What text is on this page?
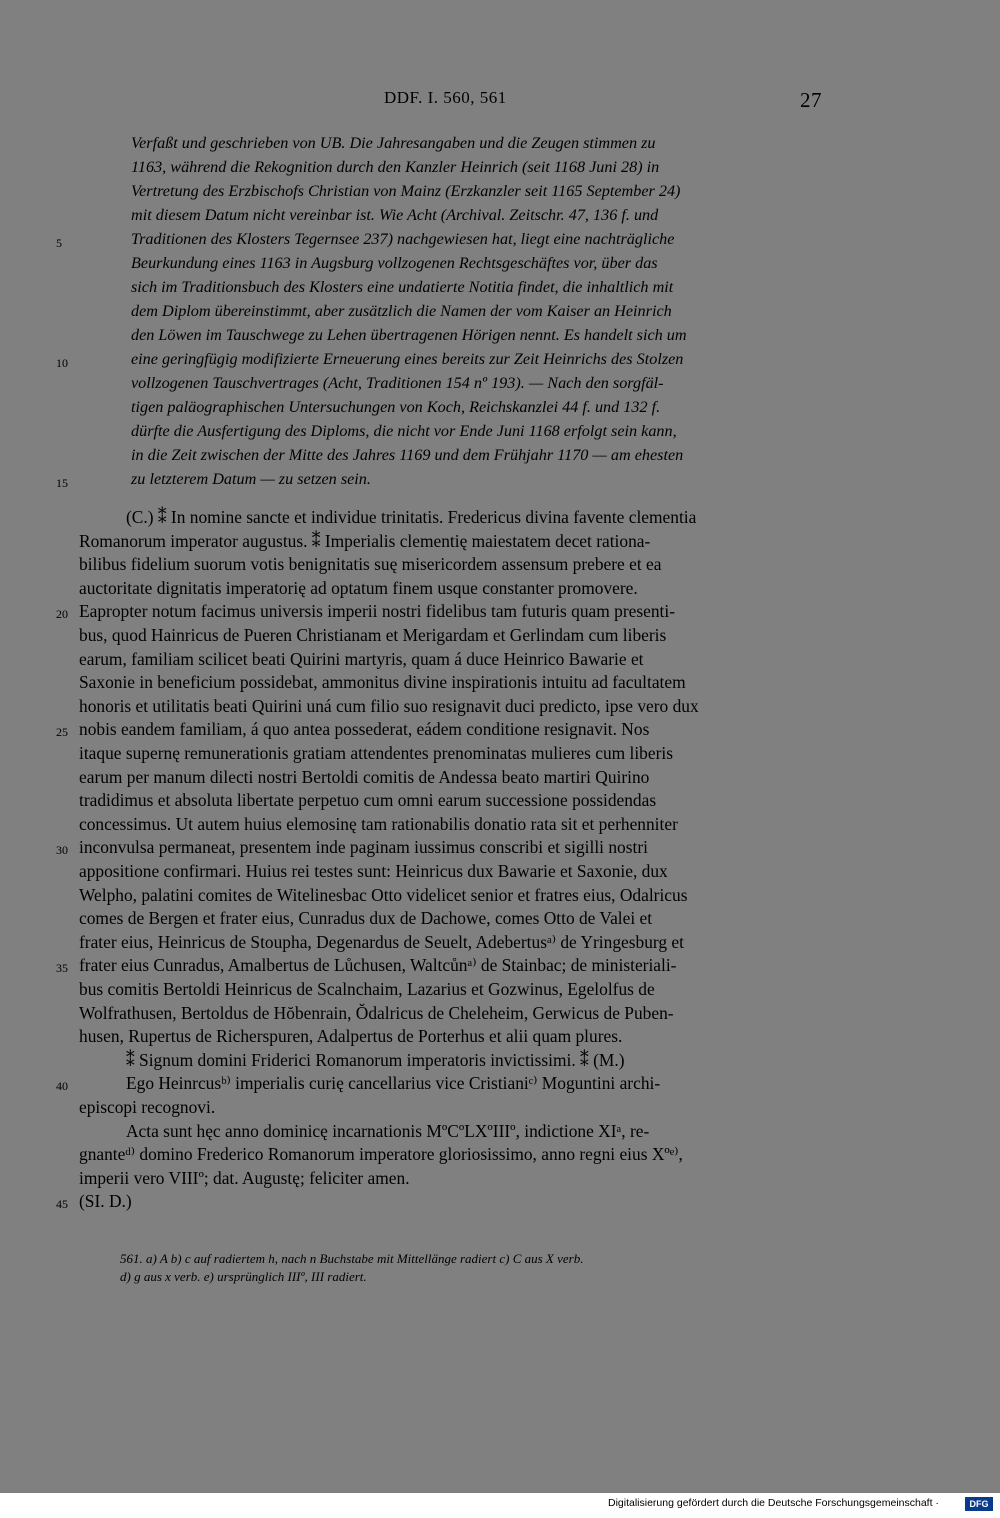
DDF. I. 560, 561	27
Verfaßt und geschrieben von UB. Die Jahresangaben und die Zeugen stimmen zu
1163, während die Rekognition durch den Kanzler Heinrich (seit 1168 Juni 28) in
Vertretung des Erzbischofs Christian von Mainz (Erzkanzler seit 1165 September 24)
mit diesem Datum nicht vereinbar ist. Wie Acht (Archival. Zeitschr. 47, 136 f. und
5	Traditionen des Klosters Tegernsee 237) nachgewiesen hat, liegt eine nachträgliche
Beurkundung eines 1163 in Augsburg vollzogenen Rechtsgeschäftes vor, über das
sich im Traditionsbuch des Klosters eine undatierte Notitia findet, die inhaltlich mit
dem Diplom übereinstimmt, aber zusätzlich die Namen der vom Kaiser an Heinrich
den Löwen im Tauschwege zu Lehen übertragenen Hörigen nennt. Es handelt sich um
10	eine geringfügig modifizierte Erneuerung eines bereits zur Zeit Heinrichs des Stolzen
vollzogenen Tauschvertrages (Acht, Traditionen 154 nº 193). — Nach den sorgfäl-
tigen paläographischen Untersuchungen von Koch, Reichskanzlei 44 f. und 132 f.
dürfte die Ausfertigung des Diploms, die nicht vor Ende Juni 1168 erfolgt sein kann,
in die Zeit zwischen der Mitte des Jahres 1169 und dem Frühjahr 1170 — am ehesten
15	zu letzterem Datum — zu setzen sein.
(C.) ⁑ In nomine sancte et individue trinitatis. Fredericus divina favente clementia
Romanorum imperator augustus. ⁑ Imperialis clementię maiestatem decet rationa-
bilibus fidelium suorum votis benignitatis suę misericordem assensum prebere et ea
auctoritate dignitatis imperatorię ad optatum finem usque constanter promovere.
20 Eapropter notum facimus universis imperii nostri fidelibus tam futuris quam presenti-
bus, quod Hainricus de Pueren Christianam et Merigardam et Gerlindam cum liberis
earum, familiam scilicet beati Quirini martyris, quam á duce Heinrico Bawarie et
Saxonie in beneficium possidebat, ammonitus divine inspirationis intuitu ad facultatem
honoris et utilitatis beati Quirini uná cum filio suo resignavit duci predicto, ipse vero dux
25 nobis eandem familiam, á quo antea possederat, eádem conditione resignavit. Nos
itaque supernę remunerationis gratiam attendentes prenominatas mulieres cum liberis
earum per manum dilecti nostri Bertoldi comitis de Andessa beato martiri Quirino
tradidimus et absoluta libertate perpetuo cum omni earum successione possidendas
concessimus. Ut autem huius elemosinę tam rationabilis donatio rata sit et perhenniter
30 inconvulsa permaneat, presentem inde paginam iussimus conscribi et sigilli nostri
appositione confirmari. Huius rei testes sunt: Heinricus dux Bawarie et Saxonie, dux
Welpho, palatini comites de Witelinesbac Otto videlicet senior et fratres eius, Odalricus
comes de Bergen et frater eius, Cunradus dux de Dachowe, comes Otto de Valei et
frater eius, Heinricus de Stoupha, Degenardus de Seuelt, Adebertusᵃ⁾ de Yringesburg et
35 frater eius Cunradus, Amalbertus de Lůchusen, Waltcůnᵃ⁾ de Stainbac; de ministeriali-
bus comitis Bertoldi Heinricus de Scalnchaim, Lazarius et Gozwinus, Egelolfus de
Wolfrathusen, Bertoldus de Hŏbenrain, Ŏdalricus de Cheleheim, Gerwicus de Puben-
husen, Rupertus de Richerspuren, Adalpertus de Porterhus et alii quam plures.
⁑ Signum domini Friderici Romanorum imperatoris invictissimi. ⁑ (M.)
40	Ego Heinrcusᵇ⁾ imperialis curię cancellarius vice Cristianiᶜ⁾ Moguntini archi-
episcopi recognovi.
Acta sunt hęc anno dominicę incarnationis MºCºLXºIIIº, indictione XIᵃ, re-
gnanteᵈ⁾ domino Frederico Romanorum imperatore gloriosissimo, anno regni eius Xºᵉ⁾,
imperii vero VIIIº; dat. Augustę; feliciter amen.
45 (SI. D.)
561. a) A b) c auf radiertem h, nach n Buchstabe mit Mittellänge radiert c) C aus X verb.
d) g aus x verb. e) ursprünglich IIIº, III radiert.
Digitalisierung gefördert durch die Deutsche Forschungsgemeinschaft ·	DFG
